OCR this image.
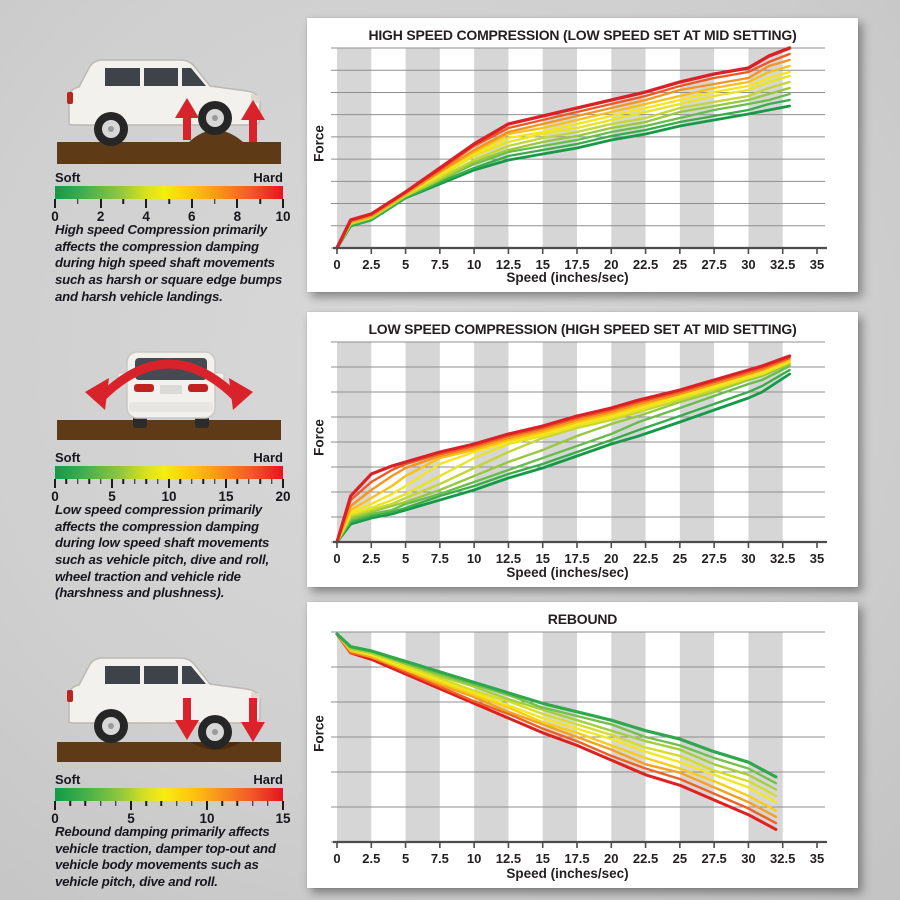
Soft	Hard
0	2	4	6	8	10

High speed Compression primarily affects the compression damping during high speed shaft movements such as harsh or square edge bumps and harsh vehicle landings.

Soft	Hard
0	5	10	15	20

Low speed compression primarily affects the compression damping during low speed shaft movements such as vehicle pitch, dive and roll, wheel traction and vehicle ride (harshness and plushness).

Soft	Hard
0	5	10	15

Rebound damping primarily affects vehicle traction, damper top-out and vehicle body movements such as vehicle pitch, dive and roll.

HIGH SPEED COMPRESSION (LOW SPEED SET AT MID SETTING)
Force
0 2.5 5 7.5 10 12.5 15 17.5 20 22.5 25 27.5 30 32.5 35
Speed (inches/sec)
LOW SPEED COMPRESSION (HIGH SPEED SET AT MID SETTING)
Force
0 2.5 5 7.5 10 12.5 15 17.5 20 22.5 25 27.5 30 32.5 35
Speed (inches/sec)
REBOUND
Force
0 2.5 5 7.5 10 12.5 15 17.5 20 22.5 25 27.5 30 32.5 35
Speed (inches/sec)
